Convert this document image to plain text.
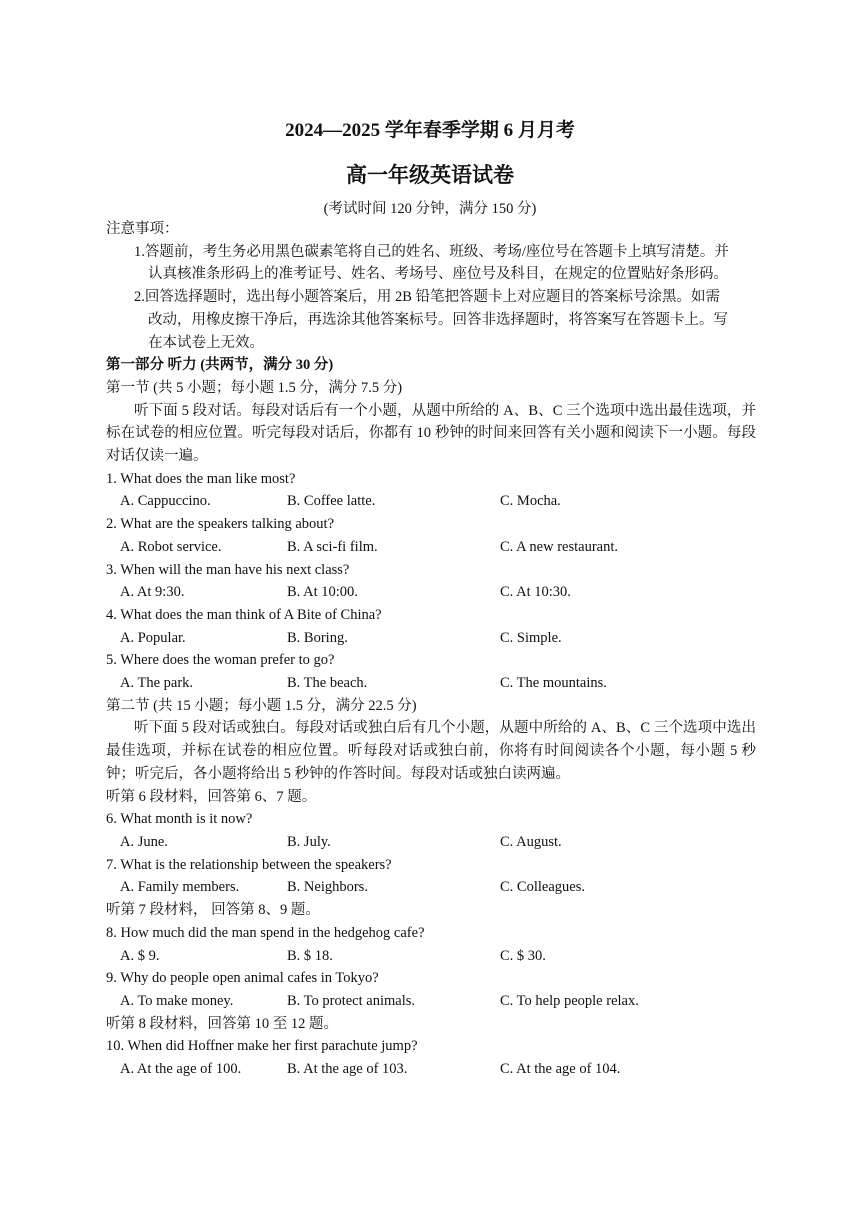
2024—2025 学年春季学期 6 月月考
高一年级英语试卷
(考试时间 120 分钟，满分 150 分)
注意事项：
1.答题前，考生务必用黑色碳素笔将自己的姓名、班级、考场/座位号在答题卡上填写清楚。并
认真核准条形码上的准考证号、姓名、考场号、座位号及科目，在规定的位置贴好条形码。
2.回答选择题时，选出每小题答案后，用 2B 铅笔把答题卡上对应题目的答案标号涂黑。如需
改动，用橡皮擦干净后，再选涂其他答案标号。回答非选择题时，将答案写在答题卡上。写
在本试卷上无效。
第一部分 听力 (共两节，满分 30 分)
第一节 (共 5 小题；每小题 1.5 分，满分 7.5 分)
听下面 5 段对话。每段对话后有一个小题，从题中所给的 A、B、C 三个选项中选出最佳选项，并标在试卷的相应位置。听完每段对话后，你都有 10 秒钟的时间来回答有关小题和阅读下一小题。每段对话仅读一遍。
1. What does the man like most?
A. Cappuccino.	B. Coffee latte.	C. Mocha.
2. What are the speakers talking about?
A. Robot service.	B. A sci-fi film.	C. A new restaurant.
3. When will the man have his next class?
A. At 9:30.	B. At 10:00.	C. At 10:30.
4. What does the man think of A Bite of China?
A. Popular.	B. Boring.	C. Simple.
5. Where does the woman prefer to go?
A. The park.	B. The beach.	C. The mountains.
第二节 (共 15 小题；每小题 1.5 分，满分 22.5 分)
听下面 5 段对话或独白。每段对话或独白后有几个小题，从题中所给的 A、B、C 三个选项中选出最佳选项，并标在试卷的相应位置。听每段对话或独白前，你将有时间阅读各个小题，每小题 5 秒钟；听完后，各小题将给出 5 秒钟的作答时间。每段对话或独白读两遍。
听第 6 段材料，回答第 6、7 题。
6. What month is it now?
A. June.	B. July.	C. August.
7. What is the relationship between the speakers?
A. Family members.	B. Neighbors.	C. Colleagues.
听第 7 段材料， 回答第 8、9 题。
8. How much did the man spend in the hedgehog cafe?
A. $ 9.	B. $ 18.	C. $ 30.
9. Why do people open animal cafes in Tokyo?
A. To make money.	B. To protect animals.	C. To help people relax.
听第 8 段材料，回答第 10 至 12 题。
10. When did Hoffner make her first parachute jump?
A. At the age of 100.	B. At the age of 103.	C. At the age of 104.
